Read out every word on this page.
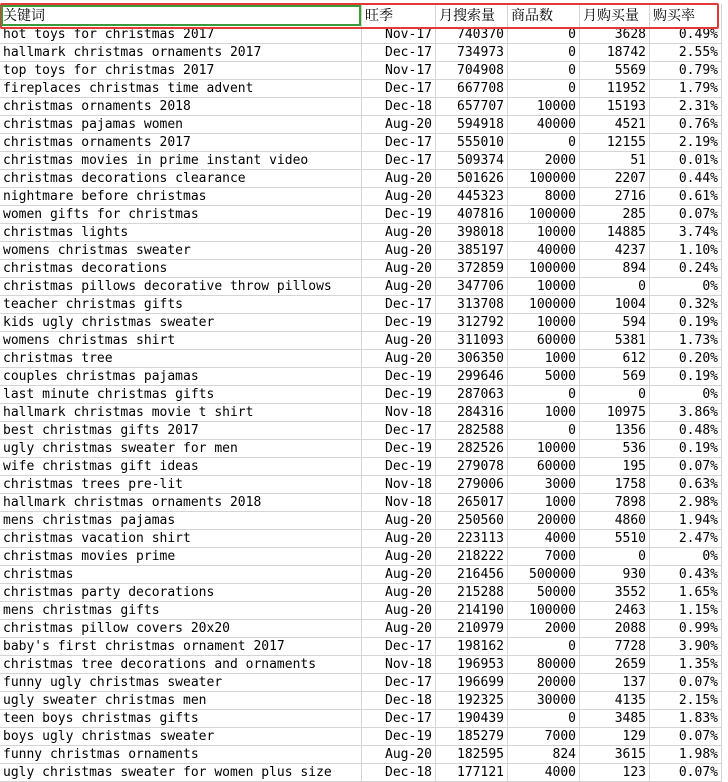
关键词	旺季	月搜索量	商品数	月购买量	购买率
hot toys for christmas 2017	Nov-17	740370	0	3628	0.49%
hallmark christmas ornaments 2017	Dec-17	734973	0	18742	2.55%
top toys for christmas 2017	Nov-17	704908	0	5569	0.79%
fireplaces christmas time advent	Dec-17	667708	0	11952	1.79%
christmas ornaments 2018	Dec-18	657707	10000	15193	2.31%
christmas pajamas women	Aug-20	594918	40000	4521	0.76%
christmas ornaments 2017	Dec-17	555010	0	12155	2.19%
christmas movies in prime instant video	Dec-17	509374	2000	51	0.01%
christmas decorations clearance	Aug-20	501626	100000	2207	0.44%
nightmare before christmas	Aug-20	445323	8000	2716	0.61%
women gifts for christmas	Dec-19	407816	100000	285	0.07%
christmas lights	Aug-20	398018	10000	14885	3.74%
womens christmas sweater	Aug-20	385197	40000	4237	1.10%
christmas decorations	Aug-20	372859	100000	894	0.24%
christmas pillows decorative throw pillows	Aug-20	347706	10000	0	0%
teacher christmas gifts	Dec-17	313708	100000	1004	0.32%
kids ugly christmas sweater	Dec-19	312792	10000	594	0.19%
womens christmas shirt	Aug-20	311093	60000	5381	1.73%
christmas tree	Aug-20	306350	1000	612	0.20%
couples christmas pajamas	Dec-19	299646	5000	569	0.19%
last minute christmas gifts	Dec-19	287063	0	0	0%
hallmark christmas movie t shirt	Nov-18	284316	1000	10975	3.86%
best christmas gifts 2017	Dec-17	282588	0	1356	0.48%
ugly christmas sweater for men	Dec-19	282526	10000	536	0.19%
wife christmas gift ideas	Dec-19	279078	60000	195	0.07%
christmas trees pre-lit	Nov-18	279006	3000	1758	0.63%
hallmark christmas ornaments 2018	Nov-18	265017	1000	7898	2.98%
mens christmas pajamas	Aug-20	250560	20000	4860	1.94%
christmas vacation shirt	Aug-20	223113	4000	5510	2.47%
christmas movies prime	Aug-20	218222	7000	0	0%
christmas	Aug-20	216456	500000	930	0.43%
christmas party decorations	Aug-20	215288	50000	3552	1.65%
mens christmas gifts	Aug-20	214190	100000	2463	1.15%
christmas pillow covers 20x20	Aug-20	210979	2000	2088	0.99%
baby's first christmas ornament 2017	Dec-17	198162	0	7728	3.90%
christmas tree decorations and ornaments	Nov-18	196953	80000	2659	1.35%
funny ugly christmas sweater	Dec-17	196699	20000	137	0.07%
ugly sweater christmas men	Dec-18	192325	30000	4135	2.15%
teen boys christmas gifts	Dec-17	190439	0	3485	1.83%
boys ugly christmas sweater	Dec-19	185279	7000	129	0.07%
funny christmas ornaments	Aug-20	182595	824	3615	1.98%
ugly christmas sweater for women plus size	Dec-18	177121	4000	123	0.07%
